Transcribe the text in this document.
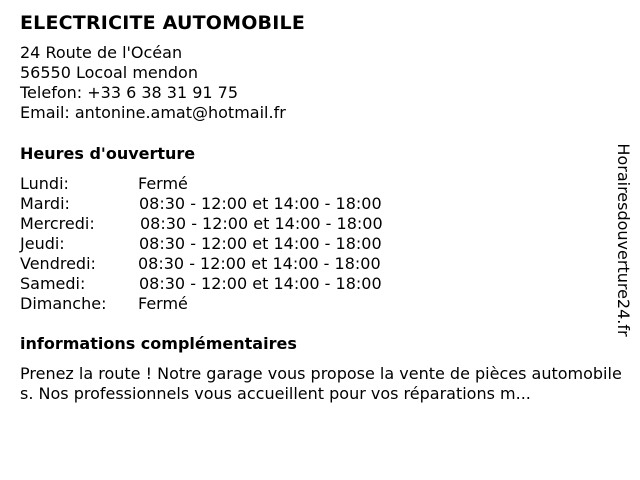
ELECTRICITE AUTOMOBILE
24 Route de l'Océan
56550 Locoal mendon
Telefon: +33 6 38 31 91 75
Email: antonine.amat@hotmail.fr
Heures d'ouverture
Lundi:	Fermé
Mardi:	08:30 - 12:00 et 14:00 - 18:00
Mercredi:	08:30 - 12:00 et 14:00 - 18:00
Jeudi:	08:30 - 12:00 et 14:00 - 18:00
Vendredi:	08:30 - 12:00 et 14:00 - 18:00
Samedi:	08:30 - 12:00 et 14:00 - 18:00
Dimanche: Fermé
informations complémentaires
Prenez la route ! Notre garage vous propose la vente de pièces automobiles. Nos professionnels vous accueillent pour vos réparations m...
Horairesdouverture24.fr
